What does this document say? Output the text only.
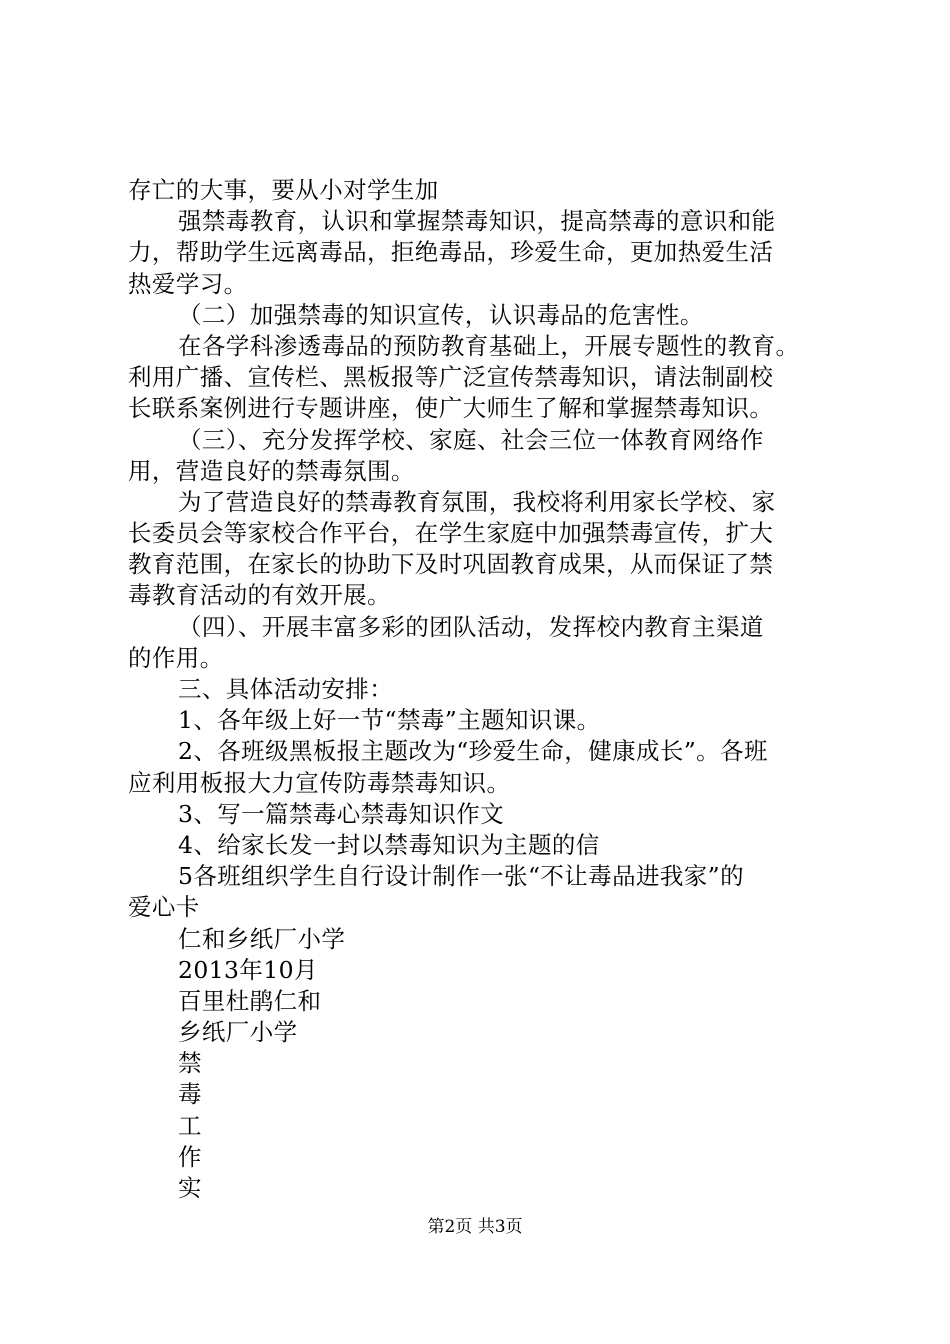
存亡的大事，要从小对学生加
强禁毒教育，认识和掌握禁毒知识，提高禁毒的意识和能
力，帮助学生远离毒品，拒绝毒品，珍爱生命，更加热爱生活
热爱学习。
（二）加强禁毒的知识宣传，认识毒品的危害性。
在各学科渗透毒品的预防教育基础上，开展专题性的教育。
利用广播、宣传栏、黑板报等广泛宣传禁毒知识，请法制副校
长联系案例进行专题讲座，使广大师生了解和掌握禁毒知识。
（三）、充分发挥学校、家庭、社会三位一体教育网络作
用，营造良好的禁毒氛围。
为了营造良好的禁毒教育氛围，我校将利用家长学校、家
长委员会等家校合作平台，在学生家庭中加强禁毒宣传，扩大
教育范围，在家长的协助下及时巩固教育成果，从而保证了禁
毒教育活动的有效开展。
（四）、开展丰富多彩的团队活动，发挥校内教育主渠道
的作用。
三、具体活动安排：
1、各年级上好一节“禁毒”主题知识课。
2、各班级黑板报主题改为“珍爱生命，健康成长”。各班
应利用板报大力宣传防毒禁毒知识。
3、写一篇禁毒心禁毒知识作文
4、给家长发一封以禁毒知识为主题的信
5各班组织学生自行设计制作一张“不让毒品进我家”的
爱心卡
仁和乡纸厂小学
2013年10月
百里杜鹃仁和
乡纸厂小学
禁
毒
工
作
实
第2页 共3页
